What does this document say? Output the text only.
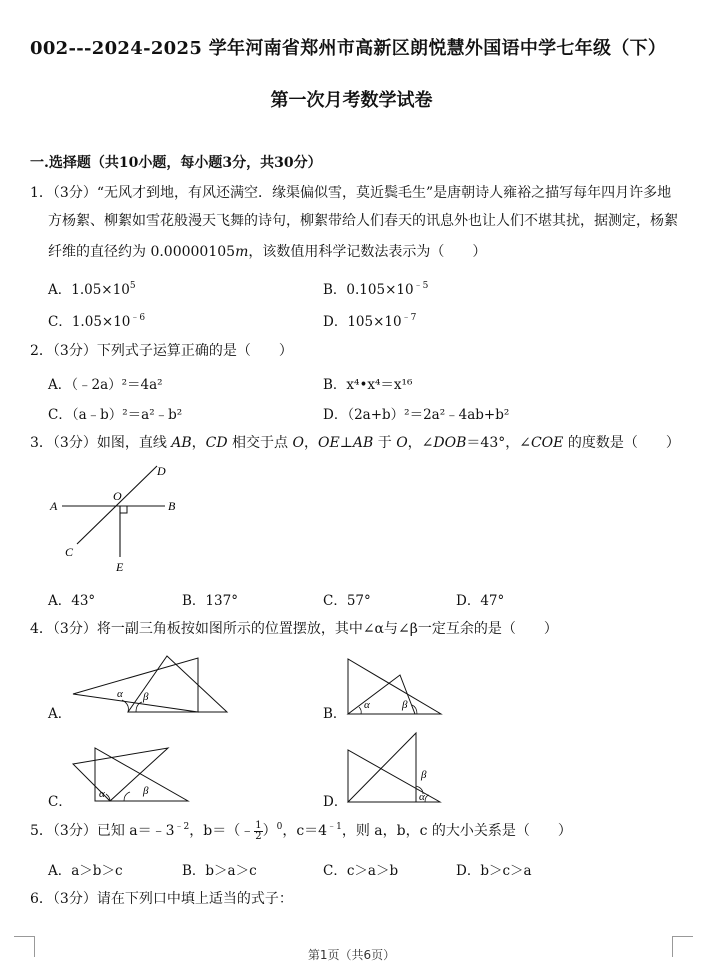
002---2024-2025 学年河南省郑州市高新区朗悦慧外国语中学七年级（下）
第一次月考数学试卷
一.选择题（共10小题，每小题3分，共30分）
1．（3分）“无风才到地，有风还满空．缘渠偏似雪，莫近鬓毛生”是唐朝诗人雍裕之描写每年四月许多地
方杨絮、柳絮如雪花般漫天飞舞的诗句，柳絮带给人们春天的讯息外也让人们不堪其扰，据测定，杨絮
纤维的直径约为 0.00000105m，该数值用科学记数法表示为（　　）
A．$1.05\times 10^5$	B．$0.105\times 10^{﹣5}$
C．$1.05\times 10^{﹣6}$	D．$105\times 10^{﹣7}$
2．（3分）下列式子运算正确的是（　　）
A．（﹣2a）²＝4a²	B．x⁴•x⁴＝x¹⁶
C．（a﹣b）²＝a²﹣b²	D．（2a+b）²＝2a²﹣4ab+b²
3．（3分）如图，直线 AB，CD 相交于点 O，OE⊥AB 于 O，∠DOB＝43°，∠COE 的度数是（　　）
A	B
C
D
O
E
A．43°	B．137°	C．57°	D．47°
4．（3分）将一副三角板按如图所示的位置摆放，其中∠α与∠β一定互余的是（　　）
A．
α β
B．
α	β
C． α	β
D．
β
α
5．（3分）已知 $a=﹣3^{﹣2}$，b＝（﹣ $\frac{1}{2} )^0$，$c=4^{﹣1}$，则 a，b，c 的大小关系是（　　）
A．a＞b＞c	B．b＞a＞c	C．c＞a＞b	D．b＞c＞a
6．（3分）请在下列口中填上适当的式子：
第1页（共6页）
